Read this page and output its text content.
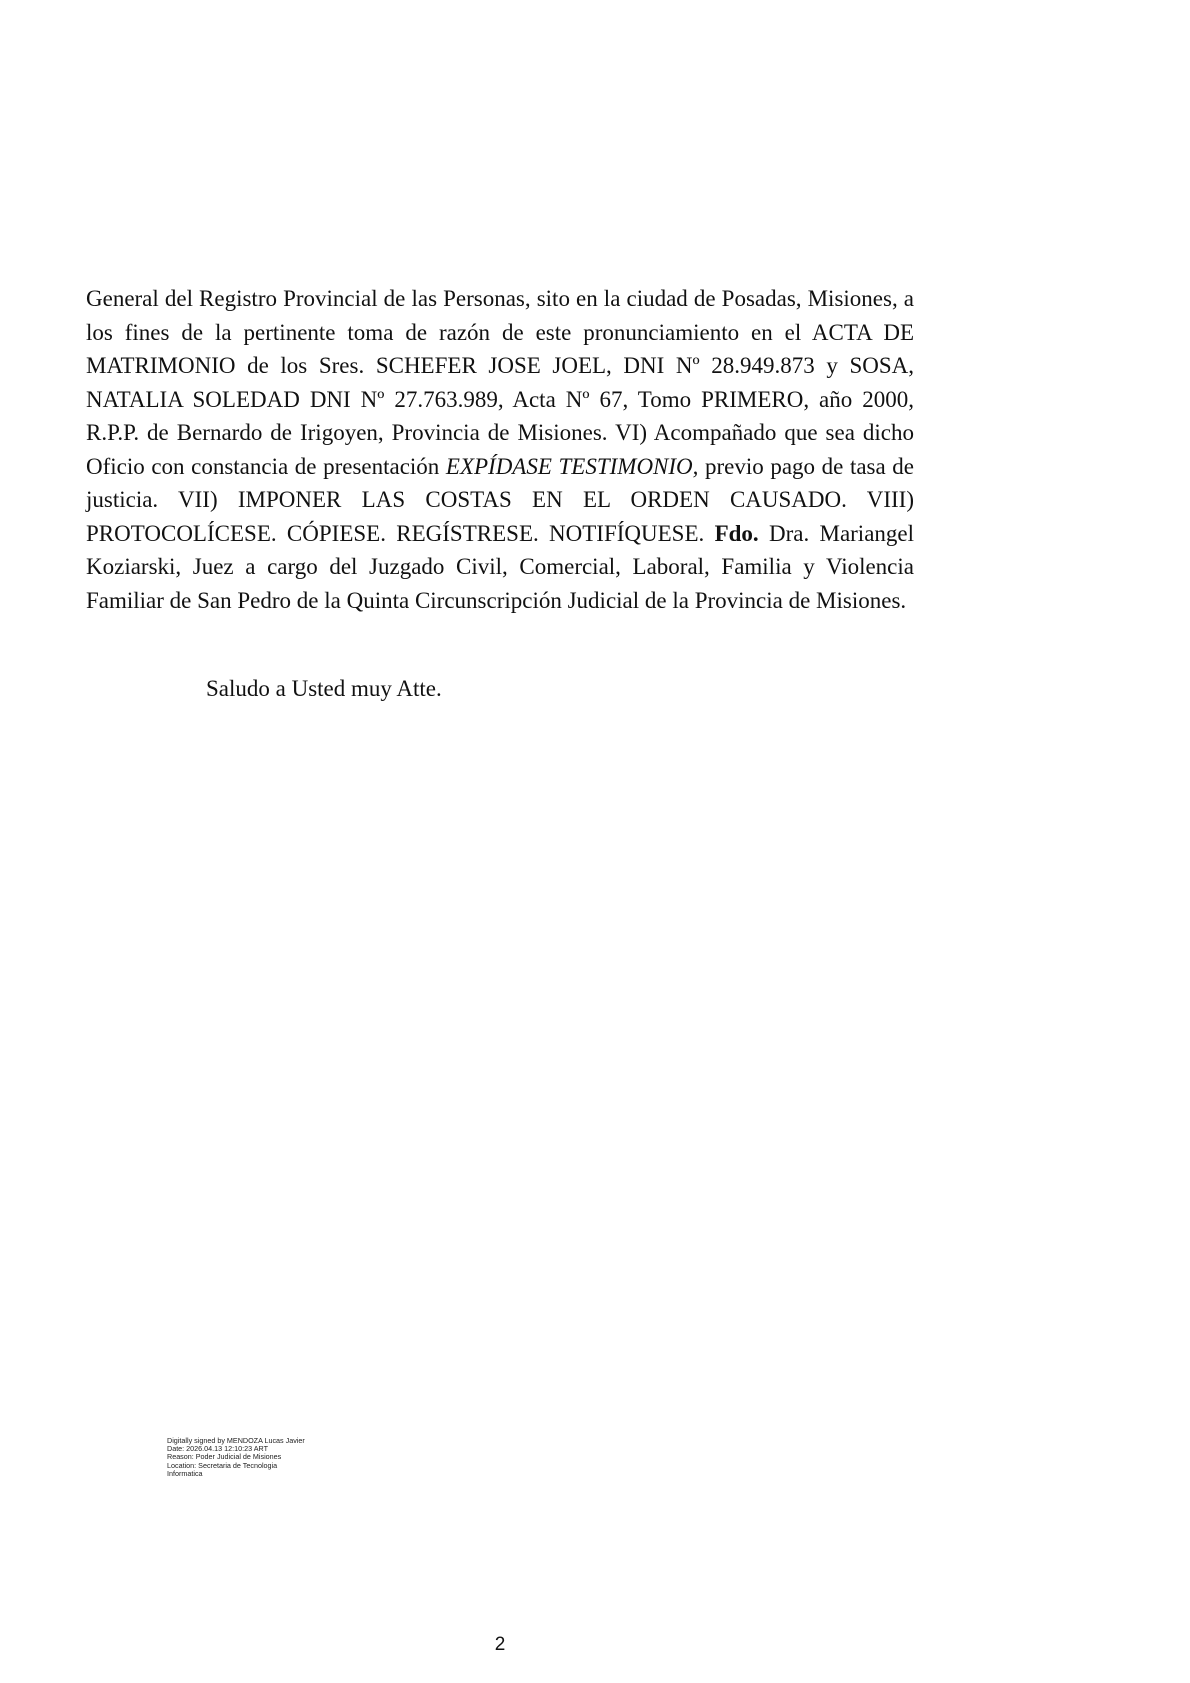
General del Registro Provincial de las Personas, sito en la ciudad de Posadas, Misiones, a los fines de la pertinente toma de razón de este pronunciamiento en el ACTA DE MATRIMONIO de los Sres. SCHEFER JOSE JOEL, DNI Nº 28.949.873 y SOSA, NATALIA SOLEDAD DNI Nº 27.763.989, Acta Nº 67, Tomo PRIMERO, año 2000, R.P.P. de Bernardo de Irigoyen, Provincia de Misiones. VI) Acompañado que sea dicho Oficio con constancia de presentación EXPÍDASE TESTIMONIO, previo pago de tasa de justicia. VII) IMPONER LAS COSTAS EN EL ORDEN CAUSADO. VIII) PROTOCOLÍCESE. CÓPIESE. REGÍSTRESE. NOTIFÍQUESE. Fdo. Dra. Mariangel Koziarski, Juez a cargo del Juzgado Civil, Comercial, Laboral, Familia y Violencia Familiar de San Pedro de la Quinta Circunscripción Judicial de la Provincia de Misiones.

Saludo a Usted muy Atte.

Digitally signed by MENDOZA Lucas Javier
Date: 2026.04.13 12:10:23 ART
Reason: Poder Judicial de Misiones
Location: Secretaria de Tecnologia
Informatica
2
